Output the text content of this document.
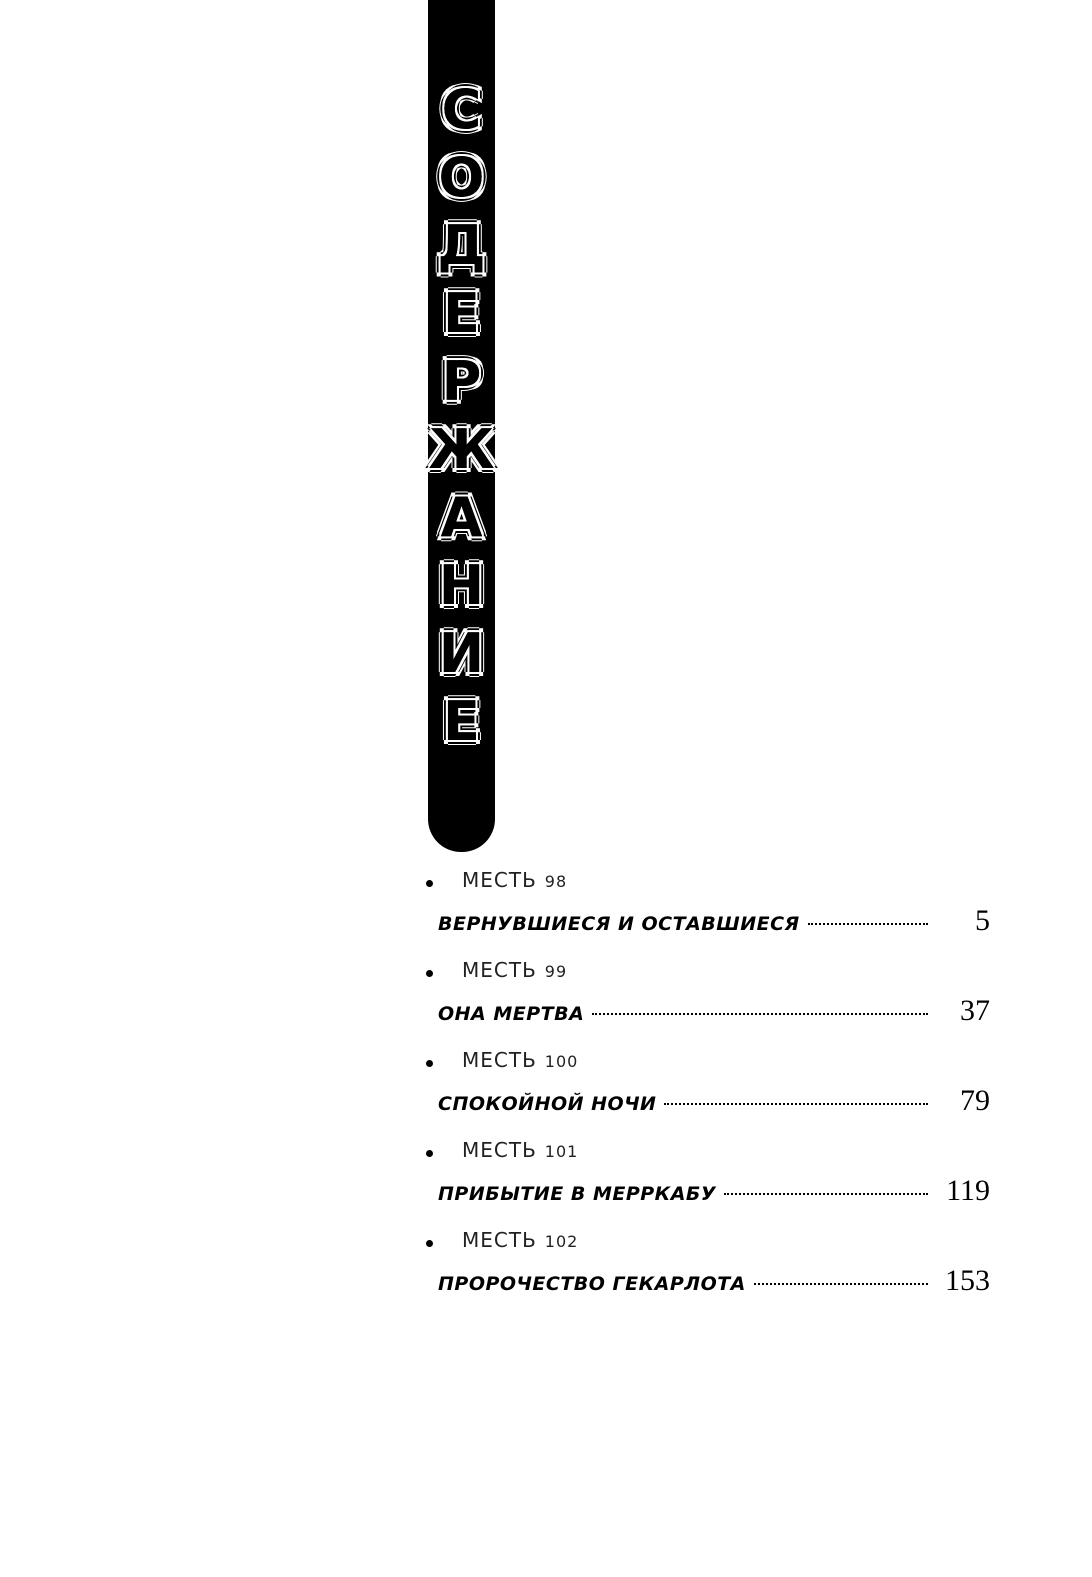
С
О
Д
Е
Р
Ж
А
Н
И
Е
МЕСТЬ 98
ВЕРНУВШИЕСЯ И ОСТАВШИЕСЯ	5
МЕСТЬ 99
ОНА МЕРТВА	37
МЕСТЬ 100
СПОКОЙНОЙ НОЧИ	79
МЕСТЬ 101
ПРИБЫТИЕ В МЕРРКАБУ	119
МЕСТЬ 102
ПРОРОЧЕСТВО ГЕКАРЛОТА	153
